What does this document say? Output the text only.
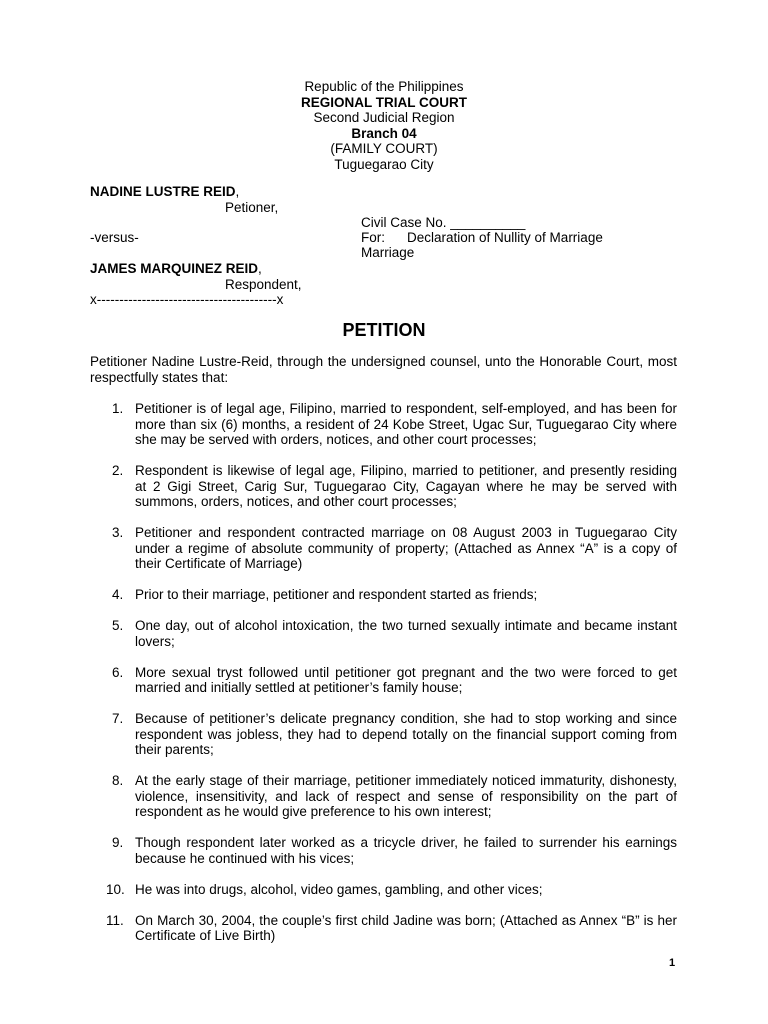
Republic of the Philippines
REGIONAL TRIAL COURT
Second Judicial Region
Branch 04
(FAMILY COURT)
Tuguegarao City
NADINE LUSTRE REID,
Petioner,
Civil Case No. __________
-versus-	For: Declaration of Nullity of Marriage
Marriage
JAMES MARQUINEZ REID,
Respondent,
x----------------------------------------x
PETITION
Petitioner Nadine Lustre-Reid, through the undersigned counsel, unto the Honorable Court, most respectfully states that:
1. Petitioner is of legal age, Filipino, married to respondent, self-employed, and has been for more than six (6) months, a resident of 24 Kobe Street, Ugac Sur, Tuguegarao City where she may be served with orders, notices, and other court processes;
2. Respondent is likewise of legal age, Filipino, married to petitioner, and presently residing at 2 Gigi Street, Carig Sur, Tuguegarao City, Cagayan where he may be served with summons, orders, notices, and other court processes;
3. Petitioner and respondent contracted marriage on 08 August 2003 in Tuguegarao City under a regime of absolute community of property; (Attached as Annex “A” is a copy of their Certificate of Marriage)
4. Prior to their marriage, petitioner and respondent started as friends;
5. One day, out of alcohol intoxication, the two turned sexually intimate and became instant lovers;
6. More sexual tryst followed until petitioner got pregnant and the two were forced to get married and initially settled at petitioner’s family house;
7. Because of petitioner’s delicate pregnancy condition, she had to stop working and since respondent was jobless, they had to depend totally on the financial support coming from their parents;
8. At the early stage of their marriage, petitioner immediately noticed immaturity, dishonesty, violence, insensitivity, and lack of respect and sense of responsibility on the part of respondent as he would give preference to his own interest;
9. Though respondent later worked as a tricycle driver, he failed to surrender his earnings because he continued with his vices;
10. He was into drugs, alcohol, video games, gambling, and other vices;
11. On March 30, 2004, the couple’s first child Jadine was born; (Attached as Annex “B” is her Certificate of Live Birth)
1
